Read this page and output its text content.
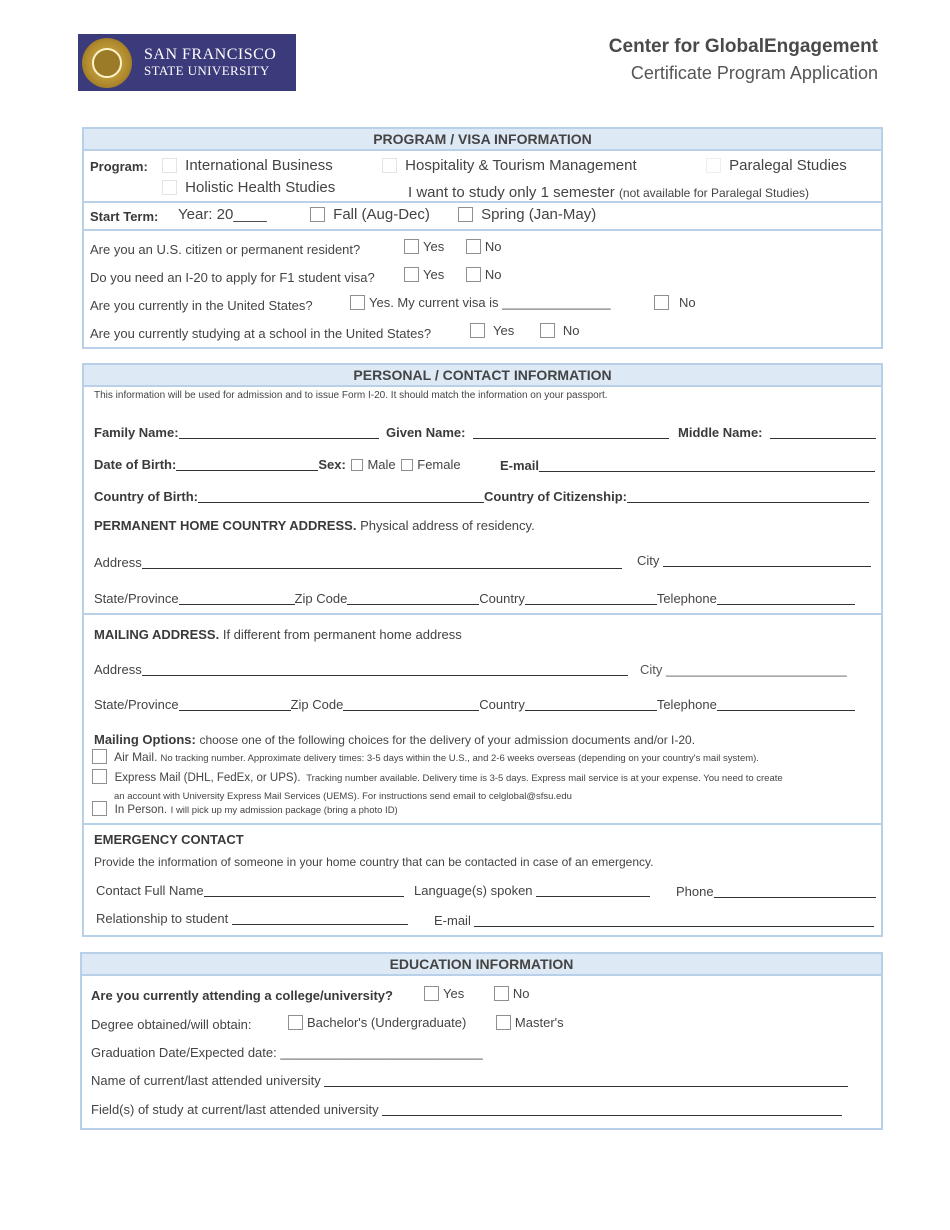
SAN FRANCISCO
STATE UNIVERSITY
Center for GlobalEngagement
Certificate Program Application
PROGRAM / VISA INFORMATION
Program:	International Business	Hospitality & Tourism Management	Paralegal Studies
Holistic Health Studies	I want to study only 1 semester (not available for Paralegal Studies)
Start Term: Year: 20____	Fall (Aug-Dec)	Spring (Jan-May)
Are you an U.S. citizen or permanent resident?	Yes	No
Do you need an I-20 to apply for F1 student visa?	Yes	No
Are you currently in the United States?	Yes. My current visa is _______________	No
Are you currently studying at a school in the United States?	Yes	No
PERSONAL / CONTACT INFORMATION
This information will be used for admission and to issue Form I-20. It should match the information on your passport.
Family Name:	Given Name:	Middle Name:
Date of Birth:	Sex: Male Female	E-mail
Country of Birth:	Country of Citizenship:
PERMANENT HOME COUNTRY ADDRESS. Physical address of residency.
Address	City
State/Province	Zip Code	Country	Telephone
MAILING ADDRESS. If different from permanent home address
Address	City _________________________
State/Province	Zip Code	Country	Telephone
Mailing Options: choose one of the following choices for the delivery of your admission documents and/or I-20.
Air Mail. No tracking number. Approximate delivery times: 3-5 days within the U.S., and 2-6 weeks overseas (depending on your country's mail system).
Express Mail (DHL, FedEx, or UPS). Tracking number available. Delivery time is 3-5 days. Express mail service is at your expense. You need to create
an account with University Express Mail Services (UEMS). For instructions send email to celglobal@sfsu.edu
In Person. I will pick up my admission package (bring a photo ID)
EMERGENCY CONTACT
Provide the information of someone in your home country that can be contacted in case of an emergency.
Contact Full Name	Language(s) spoken	Phone
Relationship to student	E-mail
EDUCATION INFORMATION
Are you currently attending a college/university?	Yes	No
Degree obtained/will obtain:	Bachelor's (Undergraduate)	Master's
Graduation Date/Expected date: ____________________________
Name of current/last attended university
Field(s) of study at current/last attended university
